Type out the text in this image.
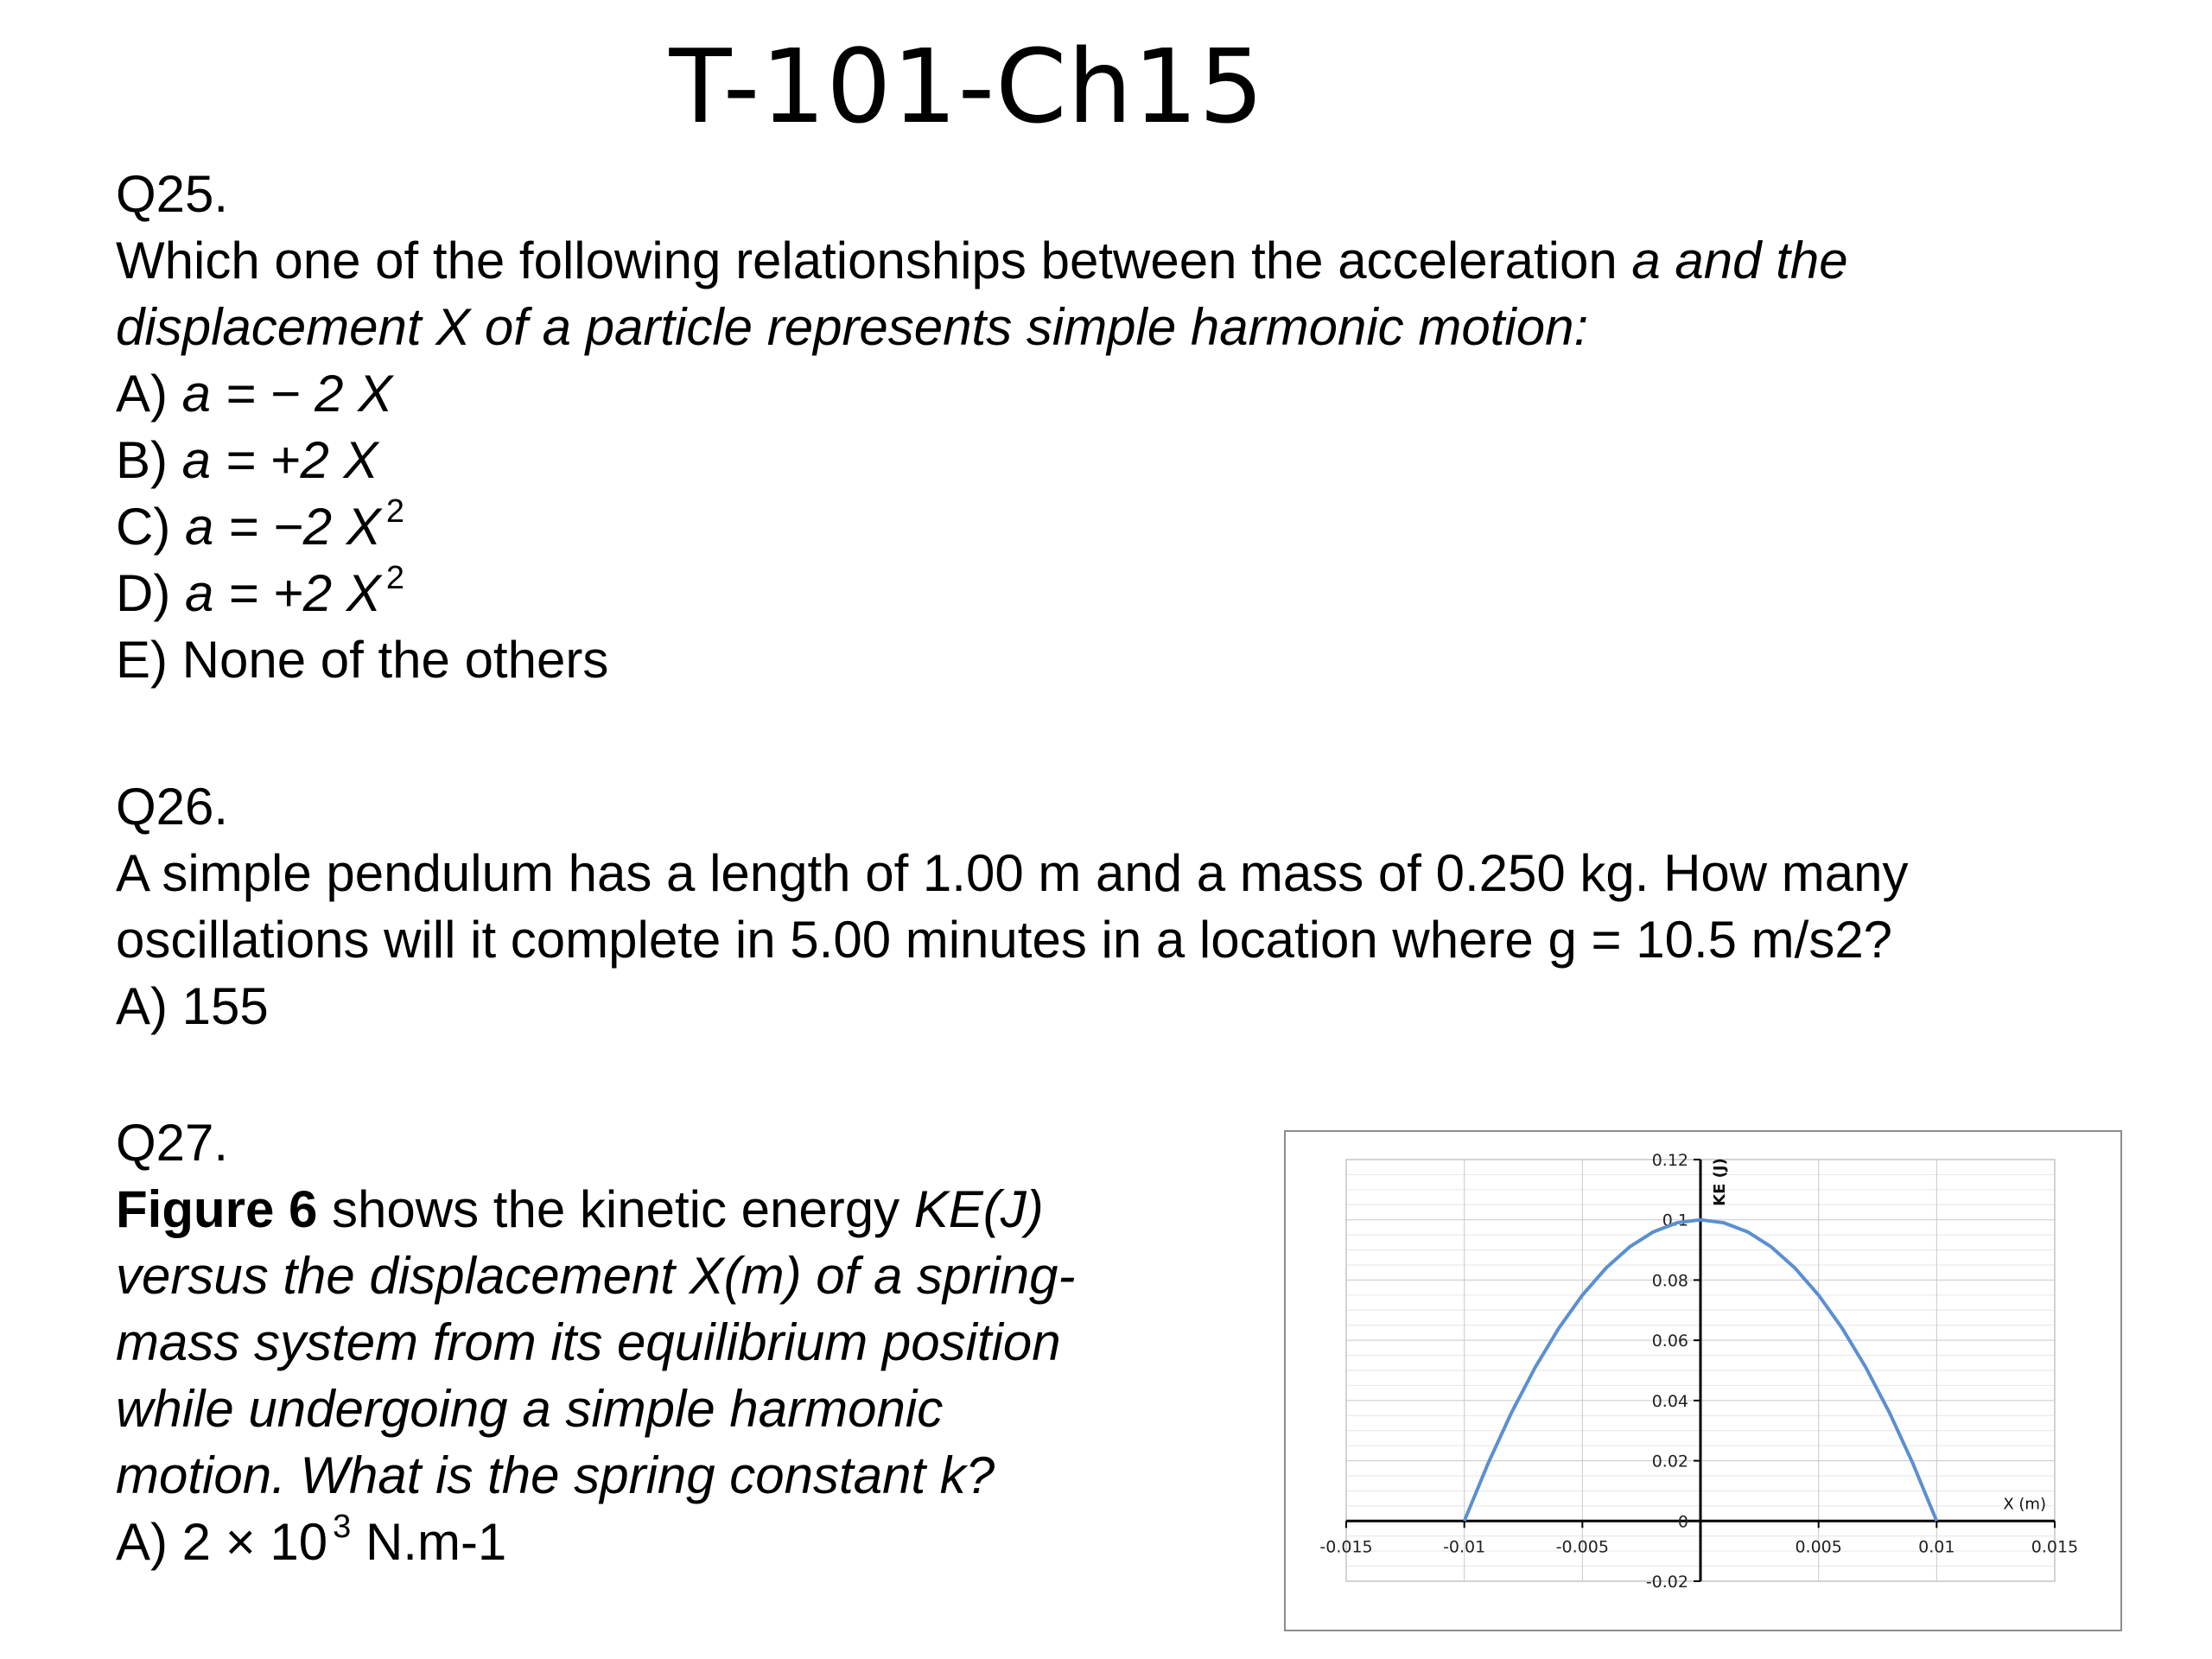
T-101-Ch15
Q25.
Which one of the following relationships between the acceleration a and the
displacement X of a particle represents simple harmonic motion:
A) a = − 2 X
B) a = +2 X
C) a = −2 X $^2$
D) a = +2 X $^2$
E) None of the others
Q26.
A simple pendulum has a length of 1.00 m and a mass of 0.250 kg. How many
oscillations will it complete in 5.00 minutes in a location where g = 10.5 m/s2?
A) 155
Q27.
Figure 6 shows the kinetic energy KE(J)
versus the displacement X(m) of a spring-
mass system from its equilibrium position
while undergoing a simple harmonic
motion. What is the spring constant k?
A) 2 × 10 $^3$ N.m-1
-0.02
0
0.02
0.04
0.06
0.08
0.1
0.12
-0.015	-0.01	-0.005	0.005	0.01	0.015
X (m)
KE (J)
